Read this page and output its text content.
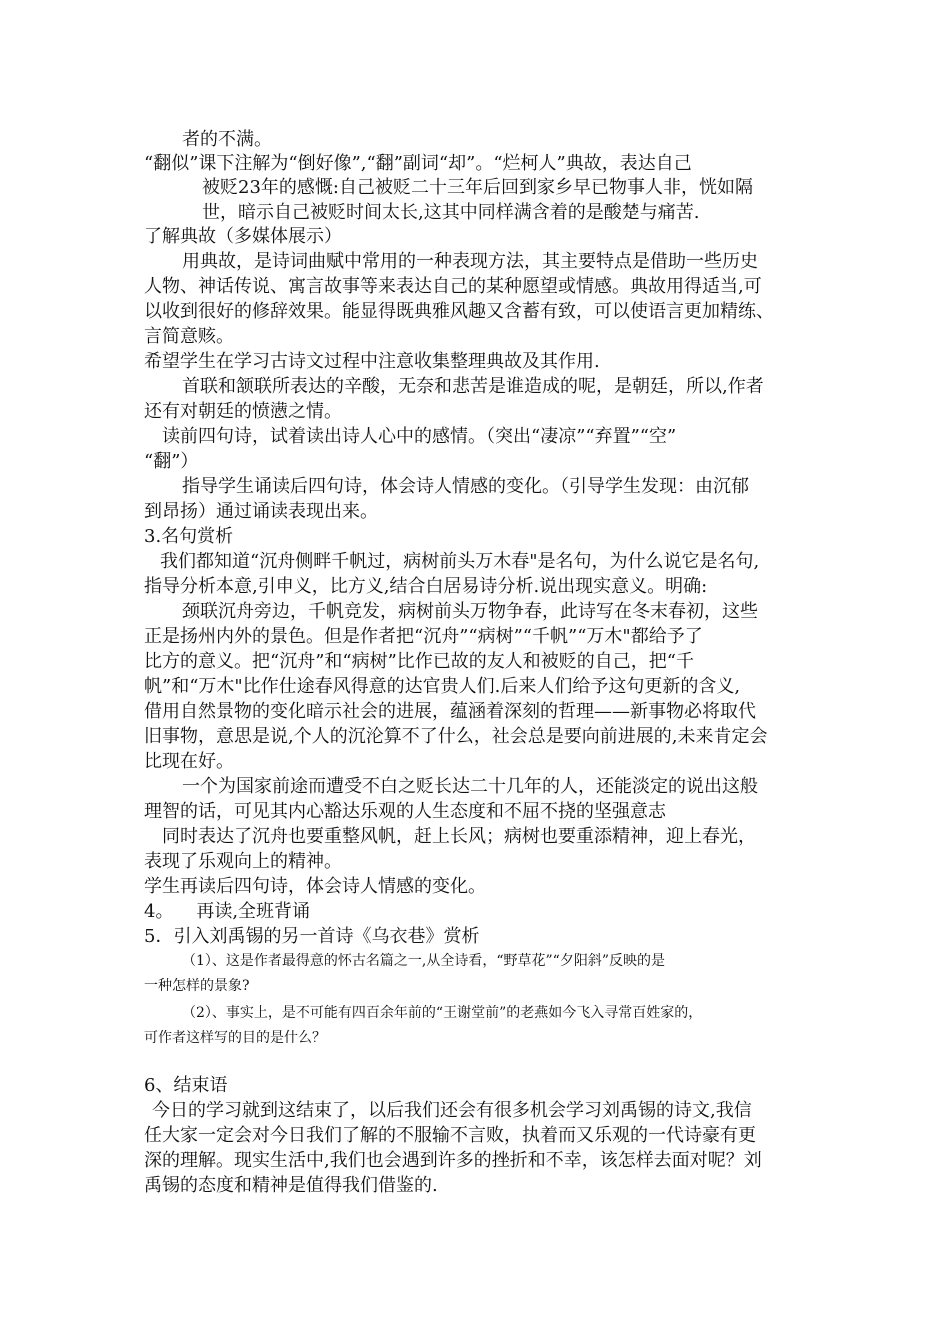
者的不满。

“翻似”课下注解为“倒好像”,“翻”副词“却”。“烂柯人”典故，表达自己

被贬23年的感慨:自己被贬二十三年后回到家乡早已物事人非，恍如隔

世，暗示自己被贬时间太长,这其中同样满含着的是酸楚与痛苦.

了解典故（多媒体展示）

用典故，是诗词曲赋中常用的一种表现方法，其主要特点是借助一些历史

人物、神话传说、寓言故事等来表达自己的某种愿望或情感。典故用得适当,可

以收到很好的修辞效果。能显得既典雅风趣又含蓄有致，可以使语言更加精练、

言简意赅。

希望学生在学习古诗文过程中注意收集整理典故及其作用.

首联和颔联所表达的辛酸，无奈和悲苦是谁造成的呢，是朝廷，所以,作者

还有对朝廷的愤懑之情。

读前四句诗，试着读出诗人心中的感情。（突出“凄凉”“弃置”“空”

“翻”）

指导学生诵读后四句诗，体会诗人情感的变化。（引导学生发现：由沉郁

到昂扬）通过诵读表现出来。

3.名句赏析

我们都知道“沉舟侧畔千帆过，病树前头万木春"是名句，为什么说它是名句,

指导分析本意,引申义，比方义,结合白居易诗分析.说出现实意义。明确:

颈联沉舟旁边，千帆竞发，病树前头万物争春，此诗写在冬末春初，这些

正是扬州内外的景色。但是作者把“沉舟”“病树”“千帆”“万木"都给予了

比方的意义。把“沉舟”和“病树”比作已故的友人和被贬的自己，把“千

帆”和“万木"比作仕途春风得意的达官贵人们.后来人们给予这句更新的含义,

借用自然景物的变化暗示社会的进展，蕴涵着深刻的哲理——新事物必将取代

旧事物，意思是说,个人的沉沦算不了什么，社会总是要向前进展的,未来肯定会

比现在好。

一个为国家前途而遭受不白之贬长达二十几年的人，还能淡定的说出这般

理智的话，可见其内心豁达乐观的人生态度和不屈不挠的坚强意志

同时表达了沉舟也要重整风帆，赶上长风；病树也要重添精神，迎上春光，

表现了乐观向上的精神。

学生再读后四句诗，体会诗人情感的变化。

4。    再读,全班背诵

5．引入刘禹锡的另一首诗《乌衣巷》赏析

（1）、这是作者最得意的怀古名篇之一,从全诗看，“野草花”“夕阳斜”反映的是

一种怎样的景象?

（2）、事实上，是不可能有四百余年前的“王谢堂前”的老燕如今飞入寻常百姓家的，

可作者这样写的目的是什么？

6、结束语

今日的学习就到这结束了，以后我们还会有很多机会学习刘禹锡的诗文,我信

任大家一定会对今日我们了解的不服输不言败，执着而又乐观的一代诗豪有更

深的理解。现实生活中,我们也会遇到许多的挫折和不幸，该怎样去面对呢？刘

禹锡的态度和精神是值得我们借鉴的.
